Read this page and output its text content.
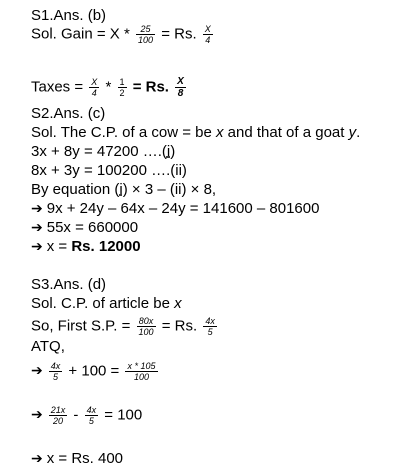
S1.Ans. (b)
Sol. Gain = $X * \frac{25}{100} = Rs$. $\frac{X}{4}$
Taxes = $\frac{X}{4} * \frac{1}{2} = Rs$. $\frac{X}{8}$
S2.Ans. (c)
Sol. The C.P. of a cow = be x and that of a goat y.
3x + 8y = 47200 ….(i)
8x + 3y = 100200 ….(ii)
By equation (i) × 3 – (ii) × 8,
➔ 9x + 24y – 64x – 24y = 141600 – 801600
➔ 55x = 660000
➔ x = Rs. 12000
S3.Ans. (d)
Sol. C.P. of article be x
So, First S.P. = $\frac{80x}{100} = Rs$. $\frac{4x}{5}$
ATQ,
➔ $\frac{4x}{5} + 100 = \frac{x * 105}{100}$
➔ $\frac{21x}{20} - \frac{4x}{5} = 100$
➔ x = Rs. 400
